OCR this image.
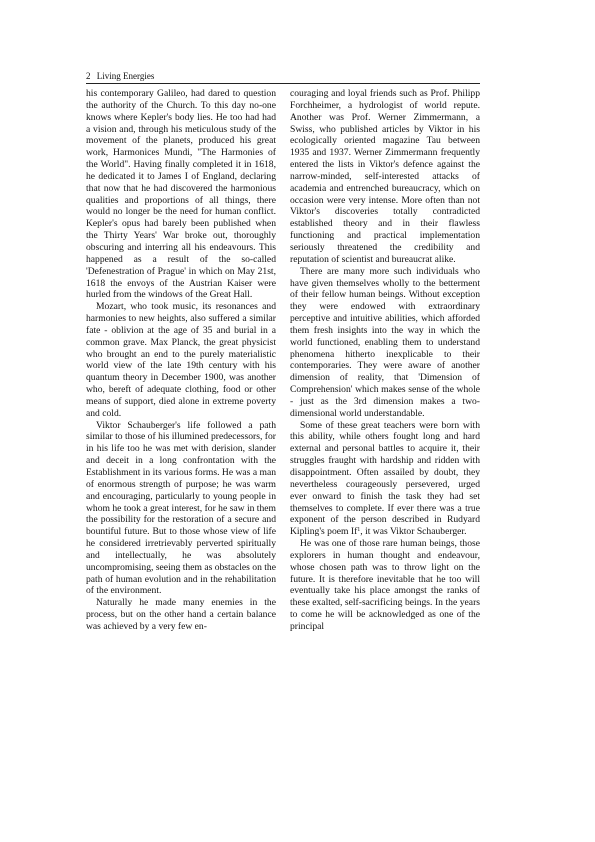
2 Living Energies

his contemporary Galileo, had dared to question the authority of the Church. To this day no-one knows where Kepler's body lies. He too had had a vision and, through his meticulous study of the movement of the planets, produced his great work, Harmonices Mundi, "The Harmonies of the World". Having finally completed it in 1618, he dedicated it to James I of England, declaring that now that he had discovered the harmonious qualities and proportions of all things, there would no longer be the need for human conflict. Kepler's opus had barely been published when the Thirty Years' War broke out, thoroughly obscuring and interring all his endeavours. This happened as a result of the so-called 'Defenestration of Prague' in which on May 21st, 1618 the envoys of the Austrian Kaiser were hurled from the windows of the Great Hall.

Mozart, who took music, its resonances and harmonies to new heights, also suffered a similar fate - oblivion at the age of 35 and burial in a common grave. Max Planck, the great physicist who brought an end to the purely materialistic world view of the late 19th century with his quantum theory in December 1900, was another who, bereft of adequate clothing, food or other means of support, died alone in extreme poverty and cold.

Viktor Schauberger's life followed a path similar to those of his illumined predecessors, for in his life too he was met with derision, slander and deceit in a long confrontation with the Establishment in its various forms. He was a man of enormous strength of purpose; he was warm and encouraging, particularly to young people in whom he took a great interest, for he saw in them the possibility for the restoration of a secure and bountiful future. But to those whose view of life he considered irretrievably perverted spiritually and intellectually, he was absolutely uncompromising, seeing them as obstacles on the path of human evolution and in the rehabilitation of the environment.

Naturally he made many enemies in the process, but on the other hand a certain balance was achieved by a very few en-

couraging and loyal friends such as Prof. Philipp Forchheimer, a hydrologist of world repute. Another was Prof. Werner Zimmermann, a Swiss, who published articles by Viktor in his ecologically oriented magazine Tau between 1935 and 1937. Werner Zimmermann frequently entered the lists in Viktor's defence against the narrow-minded, self-interested attacks of academia and entrenched bureaucracy, which on occasion were very intense. More often than not Viktor's discoveries totally contradicted established theory and in their flawless functioning and practical implementation seriously threatened the credibility and reputation of scientist and bureaucrat alike.

There are many more such individuals who have given themselves wholly to the betterment of their fellow human beings. Without exception they were endowed with extraordinary perceptive and intuitive abilities, which afforded them fresh insights into the way in which the world functioned, enabling them to understand phenomena hitherto inexplicable to their contemporaries. They were aware of another dimension of reality, that 'Dimension of Comprehension' which makes sense of the whole - just as the 3rd dimension makes a two-dimensional world understandable.

Some of these great teachers were born with this ability, while others fought long and hard external and personal battles to acquire it, their struggles fraught with hardship and ridden with disappointment. Often assailed by doubt, they nevertheless courageously persevered, urged ever onward to finish the task they had set themselves to complete. If ever there was a true exponent of the person described in Rudyard Kipling's poem If$^1$, it was Viktor Schauberger.

He was one of those rare human beings, those explorers in human thought and endeavour, whose chosen path was to throw light on the future. It is therefore inevitable that he too will eventually take his place amongst the ranks of these exalted, self-sacrificing beings. In the years to come he will be acknowledged as one of the principal
